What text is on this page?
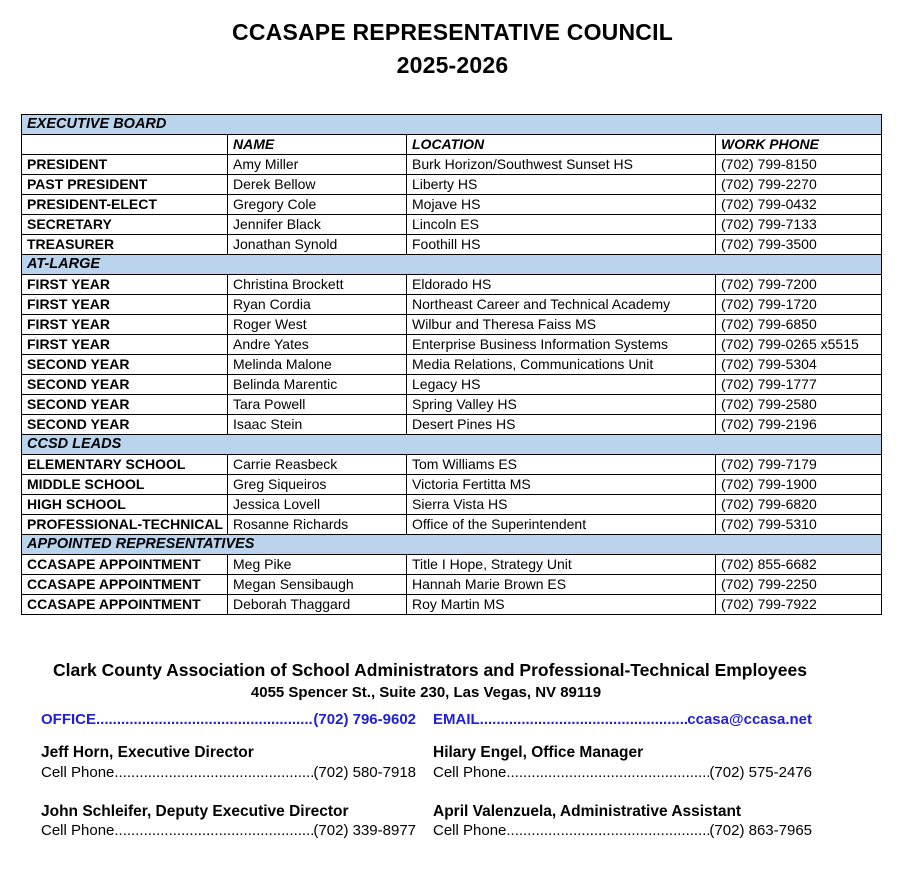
CCASAPE REPRESENTATIVE COUNCIL
2025-2026
EXECUTIVE BOARD			
	NAME	LOCATION	WORK PHONE
PRESIDENT	Amy Miller	Burk Horizon/Southwest Sunset HS	(702) 799-8150
PAST PRESIDENT	Derek Bellow	Liberty HS	(702) 799-2270
PRESIDENT-ELECT	Gregory Cole	Mojave HS	(702) 799-0432
SECRETARY	Jennifer Black	Lincoln ES	(702) 799-7133
TREASURER	Jonathan Synold	Foothill HS	(702) 799-3500
AT-LARGE			
FIRST YEAR	Christina Brockett	Eldorado HS	(702) 799-7200
FIRST YEAR	Ryan Cordia	Northeast Career and Technical Academy	(702) 799-1720
FIRST YEAR	Roger West	Wilbur and Theresa Faiss MS	(702) 799-6850
FIRST YEAR	Andre Yates	Enterprise Business Information Systems	(702) 799-0265 x5515
SECOND YEAR	Melinda Malone	Media Relations, Communications Unit	(702) 799-5304
SECOND YEAR	Belinda Marentic	Legacy HS	(702) 799-1777
SECOND YEAR	Tara Powell	Spring Valley HS	(702) 799-2580
SECOND YEAR	Isaac Stein	Desert Pines HS	(702) 799-2196
CCSD LEADS			
ELEMENTARY SCHOOL	Carrie Reasbeck	Tom Williams ES	(702) 799-7179
MIDDLE SCHOOL	Greg Siqueiros	Victoria Fertitta MS	(702) 799-1900
HIGH SCHOOL	Jessica Lovell	Sierra Vista HS	(702) 799-6820
PROFESSIONAL-TECHNICAL	Rosanne Richards	Office of the Superintendent	(702) 799-5310
APPOINTED REPRESENTATIVES			
CCASAPE APPOINTMENT	Meg Pike	Title I Hope, Strategy Unit	(702) 855-6682
CCASAPE APPOINTMENT	Megan Sensibaugh	Hannah Marie Brown ES	(702) 799-2250
CCASAPE APPOINTMENT	Deborah Thaggard	Roy Martin MS	(702) 799-7922
Clark County Association of School Administrators and Professional-Technical Employees
4055 Spencer St., Suite 230, Las Vegas, NV 89119
OFFICE .....	(702) 796-9602 EMAIL .....	ccasa@ccasa.net
Jeff Horn, Executive Director
Cell Phone .....	(702) 580-7918
Hilary Engel, Office Manager
Cell Phone .....	(702) 575-2476
John Schleifer, Deputy Executive Director
Cell Phone .....	(702) 339-8977
April Valenzuela, Administrative Assistant
Cell Phone .....	(702) 863-7965
